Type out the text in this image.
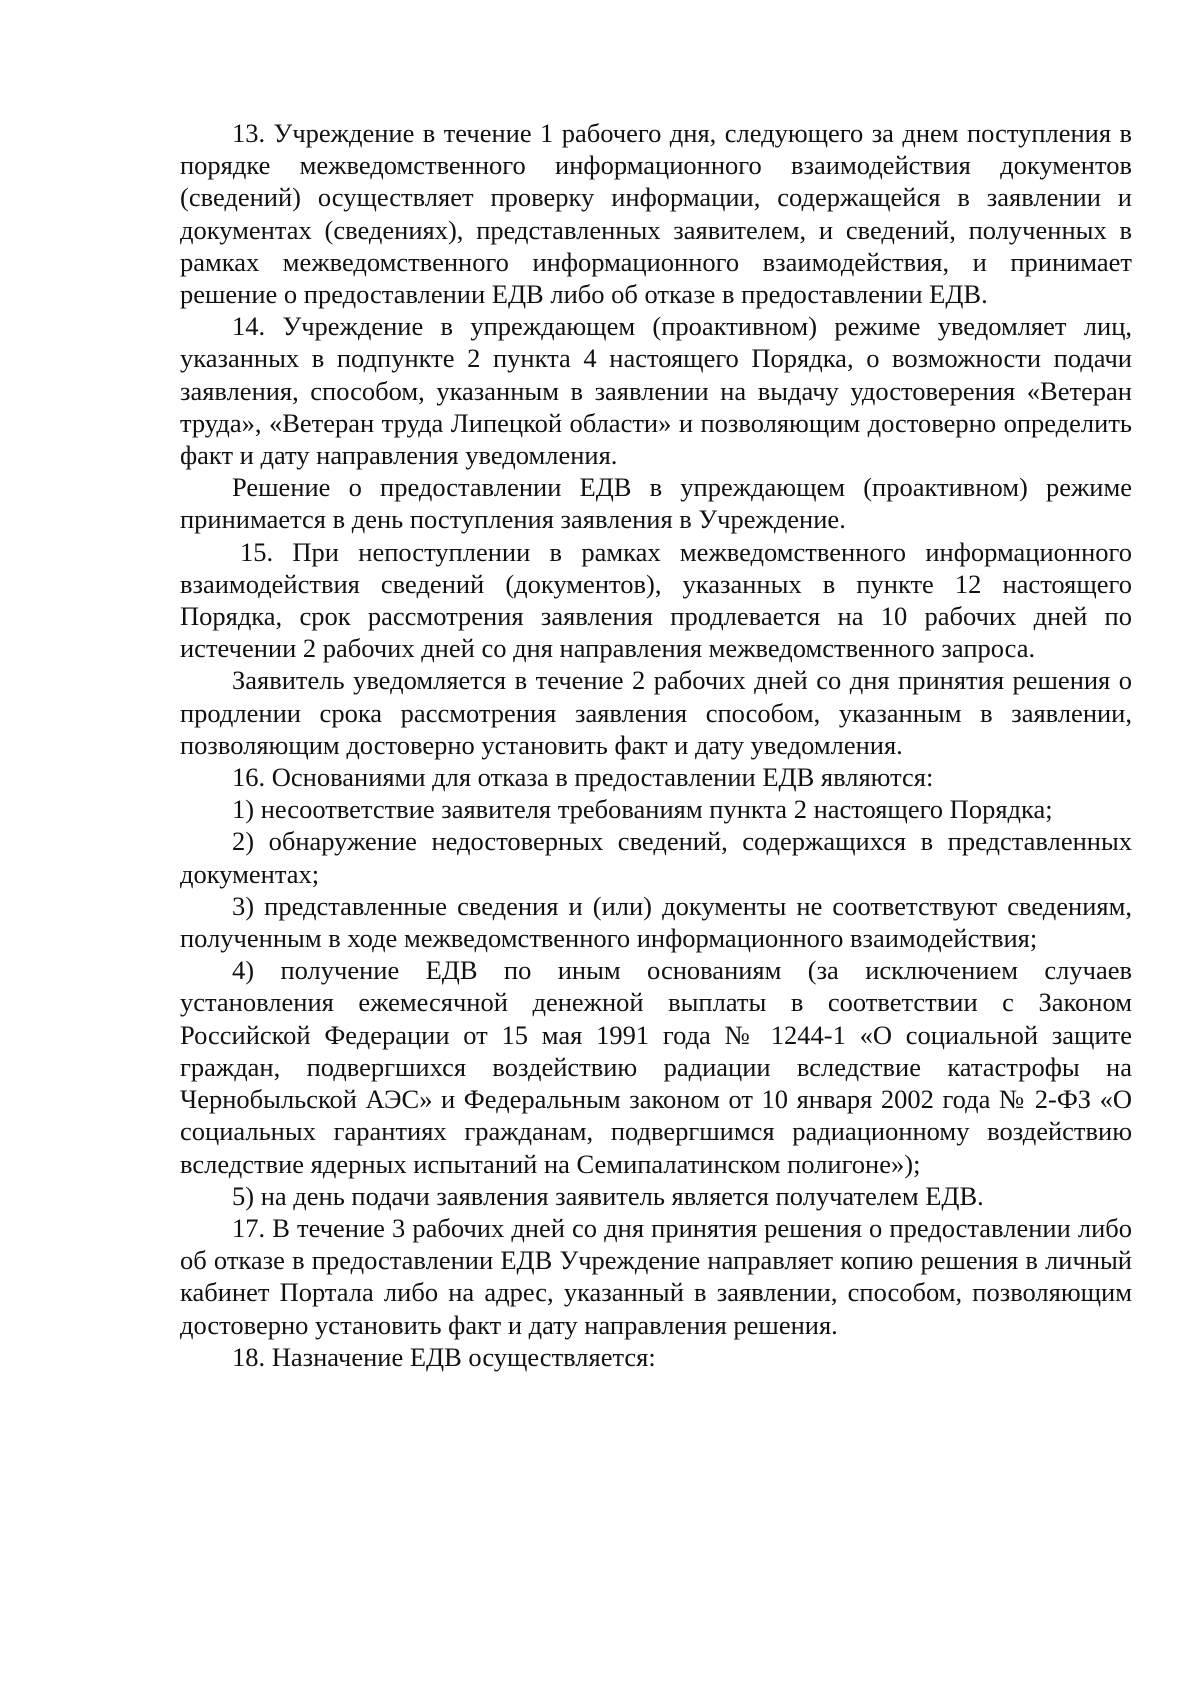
13. Учреждение в течение 1 рабочего дня, следующего за днем поступления в порядке межведомственного информационного взаимодействия документов (сведений) осуществляет проверку информации, содержащейся в заявлении и документах (сведениях), представленных заявителем, и сведений, полученных в рамках межведомственного информационного взаимодействия, и принимает решение о предоставлении ЕДВ либо об отказе в предоставлении ЕДВ.

14. Учреждение в упреждающем (проактивном) режиме уведомляет лиц, указанных в подпункте 2 пункта 4 настоящего Порядка, о возможности подачи заявления, способом, указанным в заявлении на выдачу удостоверения «Ветеран труда», «Ветеран труда Липецкой области» и позволяющим достоверно определить факт и дату направления уведомления.

Решение о предоставлении ЕДВ в упреждающем (проактивном) режиме принимается в день поступления заявления в Учреждение.

15. При непоступлении в рамках межведомственного информационного взаимодействия сведений (документов), указанных в пункте 12 настоящего Порядка, срок рассмотрения заявления продлевается на 10 рабочих дней по истечении 2 рабочих дней со дня направления межведомственного запроса.

Заявитель уведомляется в течение 2 рабочих дней со дня принятия решения о продлении срока рассмотрения заявления способом, указанным в заявлении, позволяющим достоверно установить факт и дату уведомления.

16. Основаниями для отказа в предоставлении ЕДВ являются:

1) несоответствие заявителя требованиям пункта 2 настоящего Порядка;

2) обнаружение недостоверных сведений, содержащихся в представленных документах;

3) представленные сведения и (или) документы не соответствуют сведениям, полученным в ходе межведомственного информационного взаимодействия;

4) получение ЕДВ по иным основаниям (за исключением случаев установления ежемесячной денежной выплаты в соответствии с Законом Российской Федерации от 15 мая 1991 года № 1244-1 «О социальной защите граждан, подвергшихся воздействию радиации вследствие катастрофы на Чернобыльской АЭС» и Федеральным законом от 10 января 2002 года № 2-ФЗ «О социальных гарантиях гражданам, подвергшимся радиационному воздействию вследствие ядерных испытаний на Семипалатинском полигоне»);

5) на день подачи заявления заявитель является получателем ЕДВ.

17. В течение 3 рабочих дней со дня принятия решения о предоставлении либо об отказе в предоставлении ЕДВ Учреждение направляет копию решения в личный кабинет Портала либо на адрес, указанный в заявлении, способом, позволяющим достоверно установить факт и дату направления решения.

18. Назначение ЕДВ осуществляется:
